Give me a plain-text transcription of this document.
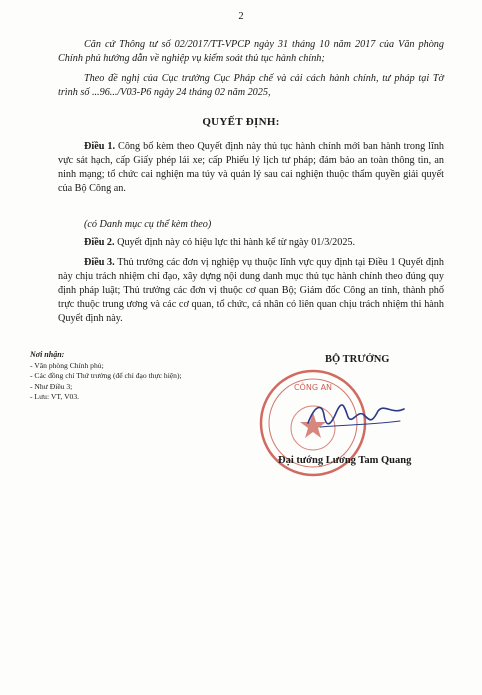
2
Căn cứ Thông tư số 02/2017/TT-VPCP ngày 31 tháng 10 năm 2017 của Văn phòng Chính phủ hướng dẫn về nghiệp vụ kiểm soát thủ tục hành chính;
Theo đề nghị của Cục trưởng Cục Pháp chế và cải cách hành chính, tư pháp tại Tờ trình số ...96.../V03-P6 ngày 24 tháng 02 năm 2025,
QUYẾT ĐỊNH:
Điều 1. Công bố kèm theo Quyết định này thủ tục hành chính mới ban hành trong lĩnh vực sát hạch, cấp Giấy phép lái xe; cấp Phiếu lý lịch tư pháp; đảm bảo an toàn thông tin, an ninh mạng; tổ chức cai nghiện ma túy và quản lý sau cai nghiện thuộc thẩm quyền giải quyết của Bộ Công an.
(có Danh mục cụ thể kèm theo)
Điều 2. Quyết định này có hiệu lực thi hành kể từ ngày 01/3/2025.
Điều 3. Thủ trưởng các đơn vị nghiệp vụ thuộc lĩnh vực quy định tại Điều 1 Quyết định này chịu trách nhiệm chỉ đạo, xây dựng nội dung danh mục thủ tục hành chính theo đúng quy định pháp luật; Thủ trưởng các đơn vị thuộc cơ quan Bộ; Giám đốc Công an tỉnh, thành phố trực thuộc trung ương và các cơ quan, tổ chức, cá nhân có liên quan chịu trách nhiệm thi hành Quyết định này.
Nơi nhận:
- Văn phòng Chính phủ;
- Các đồng chí Thứ trưởng (để chỉ đạo thực hiện);
- Như Điều 3;
- Lưu: VT, V03.
BỘ TRƯỞNG
CÔNG AN
Đại tướng Lương Tam Quang
